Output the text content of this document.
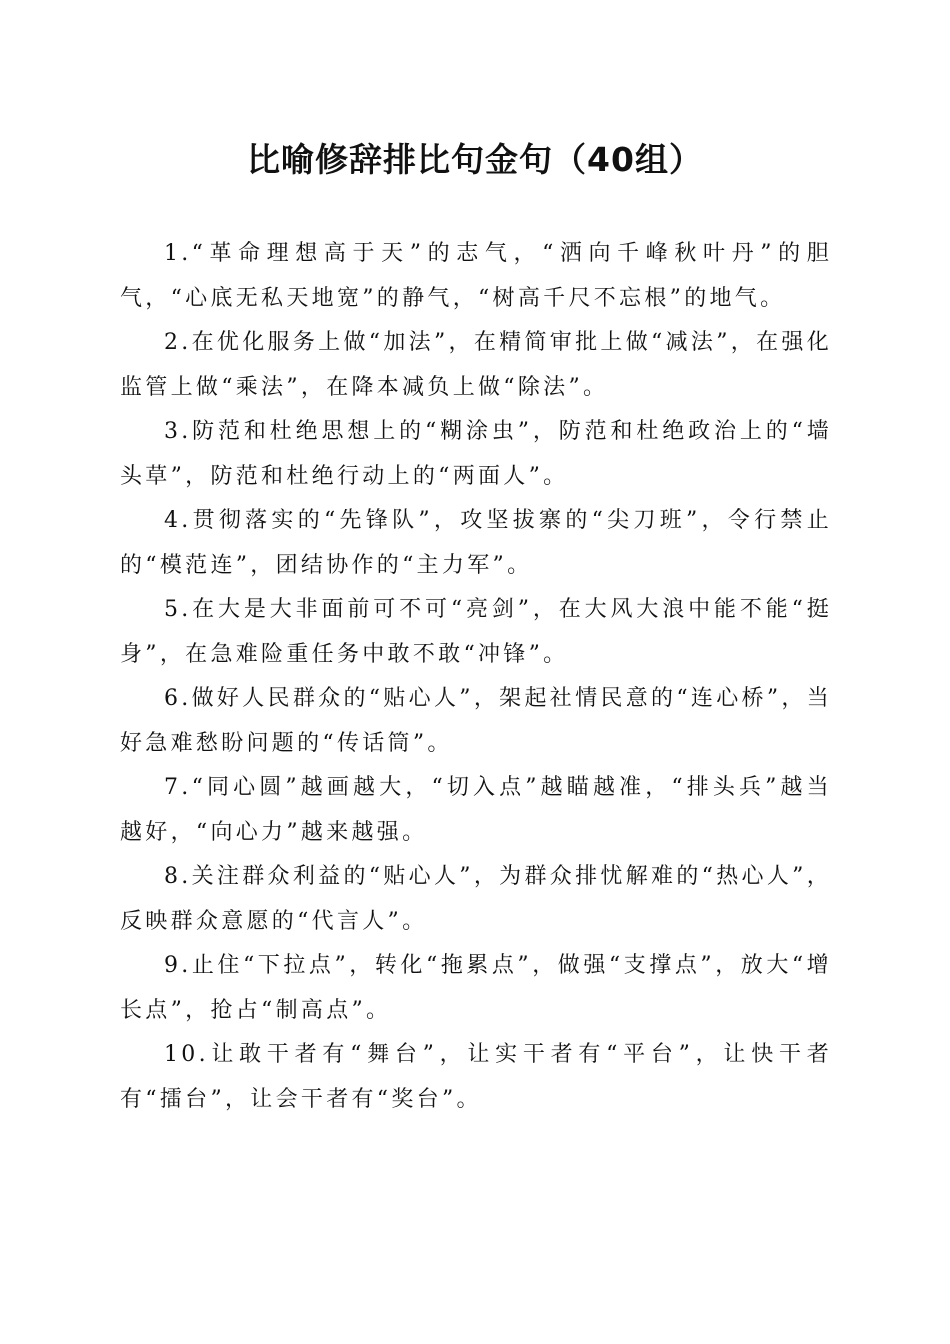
比喻修辞排比句金句（40组）

1.“革命理想高于天”的志气，“洒向千峰秋叶丹”的胆气，“心底无私天地宽”的静气，“树高千尺不忘根”的地气。

2.在优化服务上做“加法”，在精简审批上做“减法”，在强化监管上做“乘法”，在降本减负上做“除法”。

3.防范和杜绝思想上的“糊涂虫”，防范和杜绝政治上的“墙头草”，防范和杜绝行动上的“两面人”。

4.贯彻落实的“先锋队”，攻坚拔寨的“尖刀班”，令行禁止的“模范连”，团结协作的“主力军”。

5.在大是大非面前可不可“亮剑”，在大风大浪中能不能“挺身”，在急难险重任务中敢不敢“冲锋”。

6.做好人民群众的“贴心人”，架起社情民意的“连心桥”，当好急难愁盼问题的“传话筒”。

7.“同心圆”越画越大，“切入点”越瞄越准，“排头兵”越当越好，“向心力”越来越强。

8.关注群众利益的“贴心人”，为群众排忧解难的“热心人”，反映群众意愿的“代言人”。

9.止住“下拉点”，转化“拖累点”，做强“支撑点”，放大“增长点”，抢占“制高点”。

10.让敢干者有“舞台”，让实干者有“平台”，让快干者有“擂台”，让会干者有“奖台”。
